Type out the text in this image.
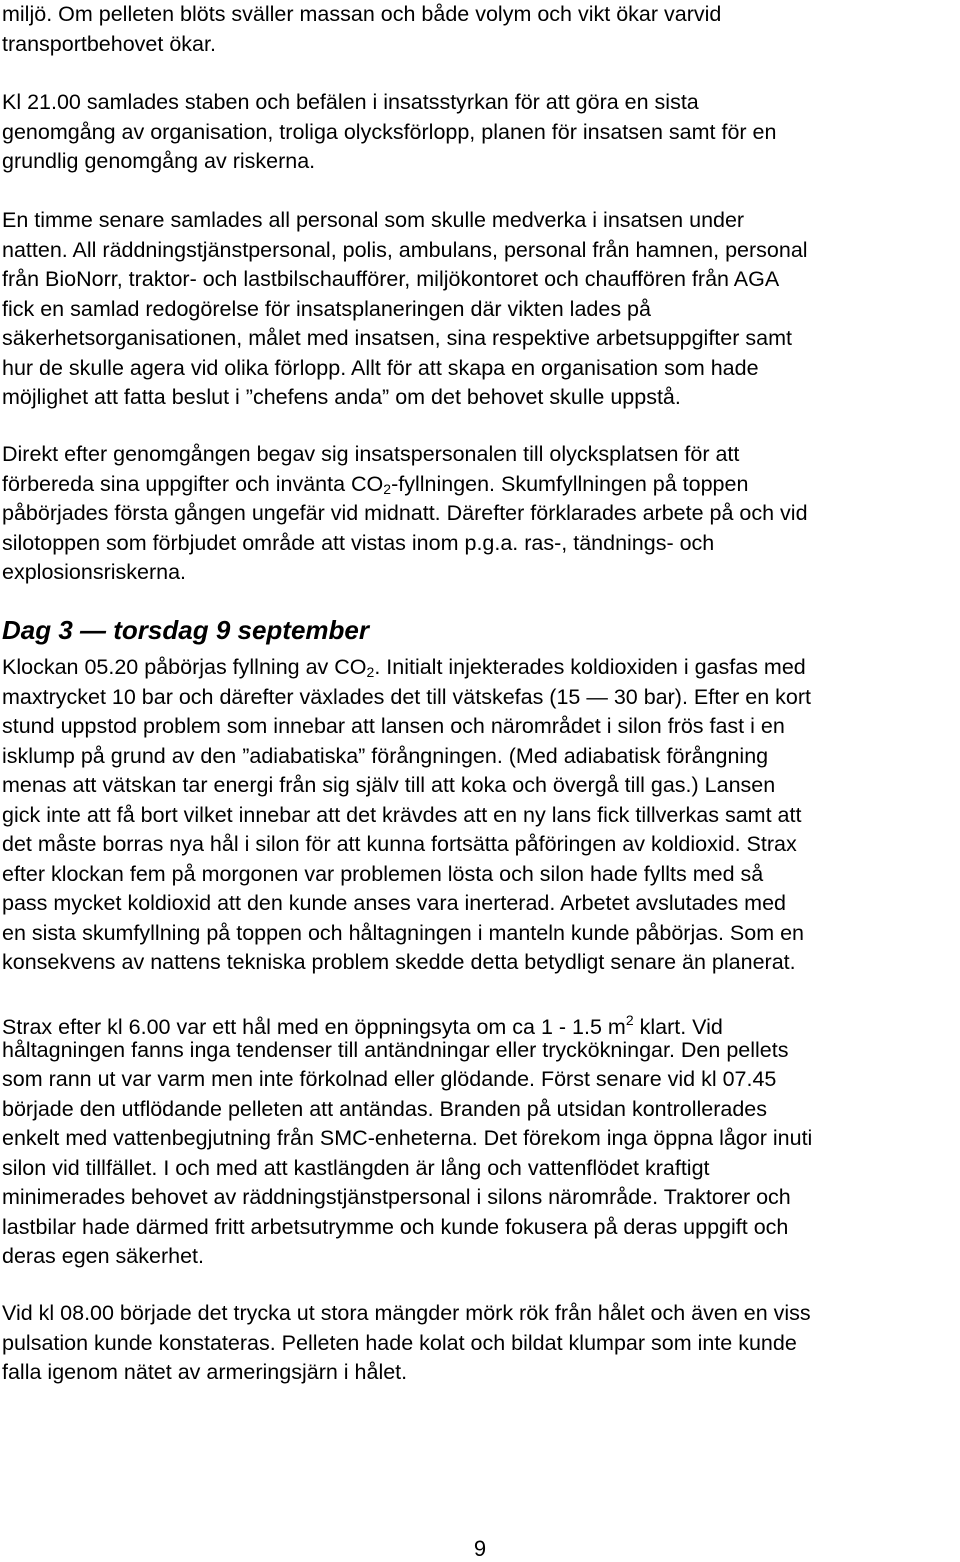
miljö. Om pelleten blöts sväller massan och både volym och vikt ökar varvid
transportbehovet ökar.
Kl 21.00 samlades staben och befälen i insatsstyrkan för att göra en sista
genomgång av organisation, troliga olycksförlopp, planen för insatsen samt för en
grundlig genomgång av riskerna.
En timme senare samlades all personal som skulle medverka i insatsen under
natten. All räddningstjänstpersonal, polis, ambulans, personal från hamnen, personal
från BioNorr, traktor- och lastbilschaufförer, miljökontoret och chauffören från AGA
fick en samlad redogörelse för insatsplaneringen där vikten lades på
säkerhetsorganisationen, målet med insatsen, sina respektive arbetsuppgifter samt
hur de skulle agera vid olika förlopp. Allt för att skapa en organisation som hade
möjlighet att fatta beslut i ”chefens anda” om det behovet skulle uppstå.
Direkt efter genomgången begav sig insatspersonalen till olycksplatsen för att
förbereda sina uppgifter och invänta $CO_2$-fyllningen. Skumfyllningen på toppen
påbörjades första gången ungefär vid midnatt. Därefter förklarades arbete på och vid
silotoppen som förbjudet område att vistas inom p.g.a. ras-, tändnings- och
explosionsriskerna.
Dag 3 — torsdag 9 september
Klockan 05.20 påbörjas fyllning av $CO_2$. Initialt injekterades koldioxiden i gasfas med
maxtrycket 10 bar och därefter växlades det till vätskefas (15 — 30 bar). Efter en kort
stund uppstod problem som innebar att lansen och närområdet i silon frös fast i en
isklump på grund av den ”adiabatiska” förångningen. (Med adiabatisk förångning
menas att vätskan tar energi från sig själv till att koka och övergå till gas.) Lansen
gick inte att få bort vilket innebar att det krävdes att en ny lans fick tillverkas samt att
det måste borras nya hål i silon för att kunna fortsätta påföringen av koldioxid. Strax
efter klockan fem på morgonen var problemen lösta och silon hade fyllts med så
pass mycket koldioxid att den kunde anses vara inerterad. Arbetet avslutades med
en sista skumfyllning på toppen och håltagningen i manteln kunde påbörjas. Som en
konsekvens av nattens tekniska problem skedde detta betydligt senare än planerat.
Strax efter kl 6.00 var ett hål med en öppningsyta om ca 1 - 1.5 $m^2$ klart. Vid
håltagningen fanns inga tendenser till antändningar eller tryckökningar. Den pellets
som rann ut var varm men inte förkolnad eller glödande. Först senare vid kl 07.45
började den utflödande pelleten att antändas. Branden på utsidan kontrollerades
enkelt med vattenbegjutning från SMC-enheterna. Det förekom inga öppna lågor inuti
silon vid tillfället. I och med att kastlängden är lång och vattenflödet kraftigt
minimerades behovet av räddningstjänstpersonal i silons närområde. Traktorer och
lastbilar hade därmed fritt arbetsutrymme och kunde fokusera på deras uppgift och
deras egen säkerhet.
Vid kl 08.00 började det trycka ut stora mängder mörk rök från hålet och även en viss
pulsation kunde konstateras. Pelleten hade kolat och bildat klumpar som inte kunde
falla igenom nätet av armeringsjärn i hålet.
9
